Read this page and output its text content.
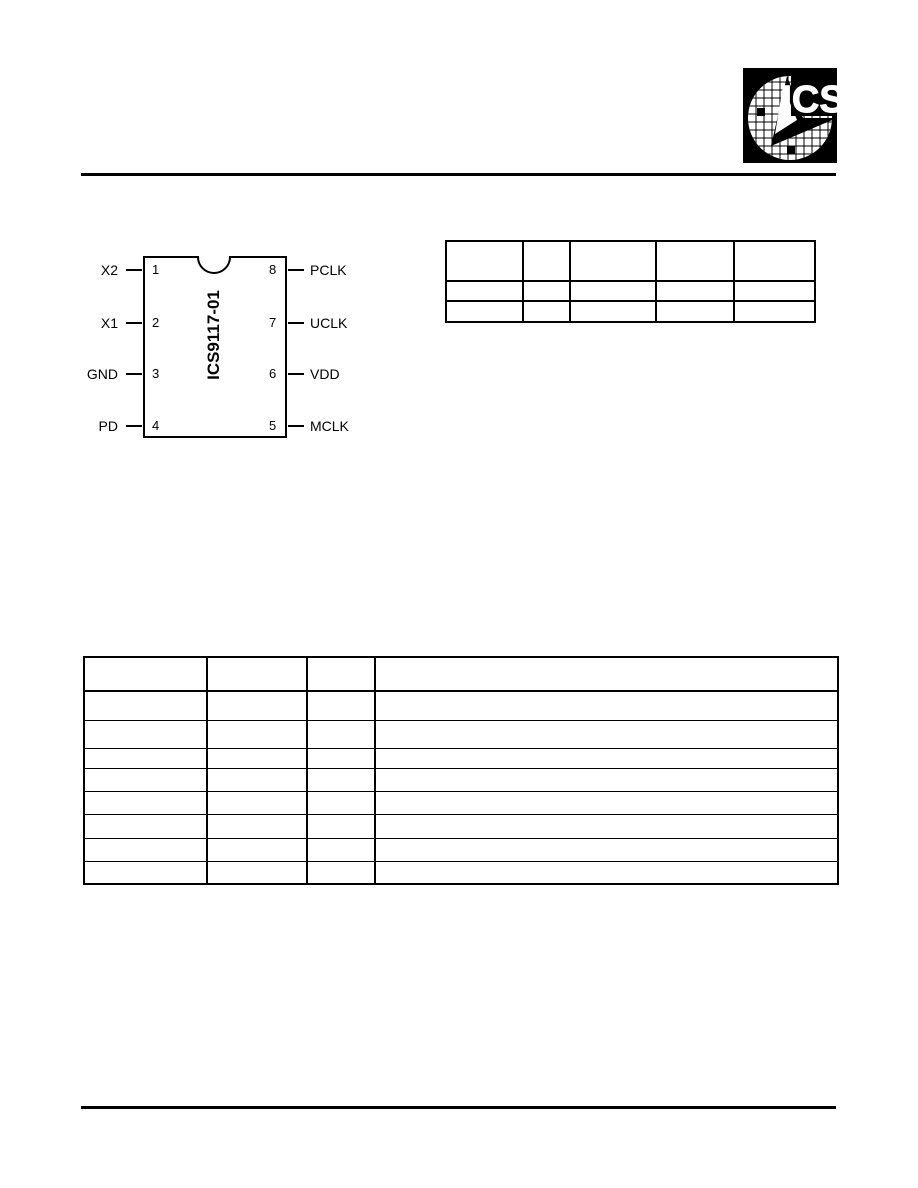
ICS
ICS9117-01
X2
X1
GND
PD
1
2
3
4
8
7
6
5
PCLK
UCLK
VDD
MCLK
